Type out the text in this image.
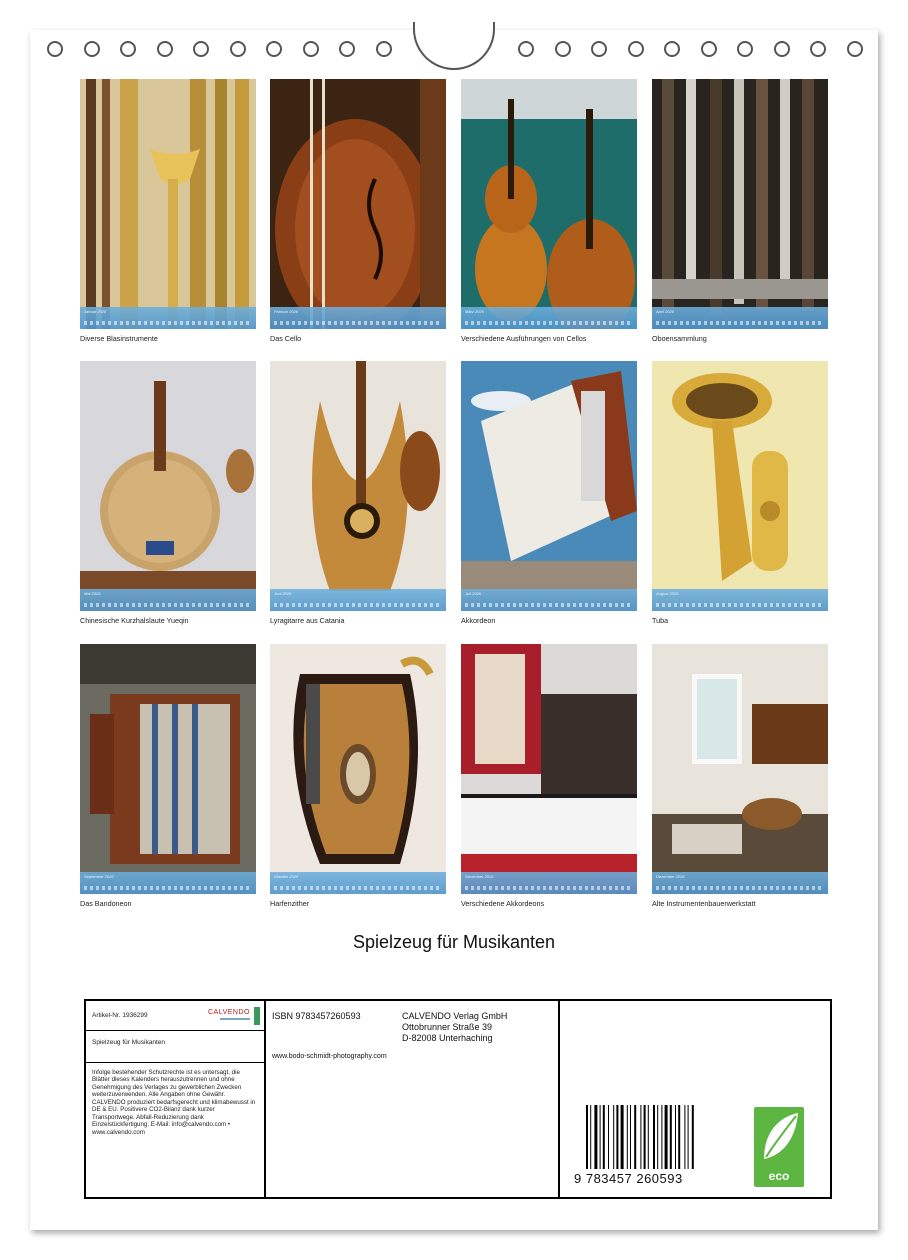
Januar 2026
Diverse Blasinstrumente
Februar 2026
Das Cello
März 2026
Verschiedene Ausführungen von Cellos
April 2026
Oboensammlung
Mai 2026
Chinesische Kurzhalslaute Yueqin
Juni 2026
Lyragitarre aus Catania
Juli 2026
Akkordeon
August 2026
Tuba
September 2026
Das Bandoneon
Oktober 2026
Harfenzither
November 2026
Verschiedene Akkordeons
Dezember 2026
Alte Instrumentenbauerwerkstatt
Spielzeug für Musikanten
Artikel-Nr. 1936299	CALVENDO
Spielzeug für Musikanten
Infolge bestehender Schutzrechte ist es untersagt, die Blätter dieses Kalenders herauszutrennen und ohne Genehmigung des Verlages zu gewerblichen Zwecken weiterzuverwenden. Alle Angaben ohne Gewähr. CALVENDO produziert bedarfsgerecht und klimabewusst in DE & EU. Positivere CO2-Bilanz dank kurzer Transportwege. Abfall-Reduzierung dank Einzelstückfertigung. E-Mail: info@calvendo.com • www.calvendo.com
ISBN 9783457260593	CALVENDO Verlag GmbH
Ottobrunner Straße 39
D-82008 Unterhaching
www.bodo-schmidt-photography.com
9 783457 260593	eco
